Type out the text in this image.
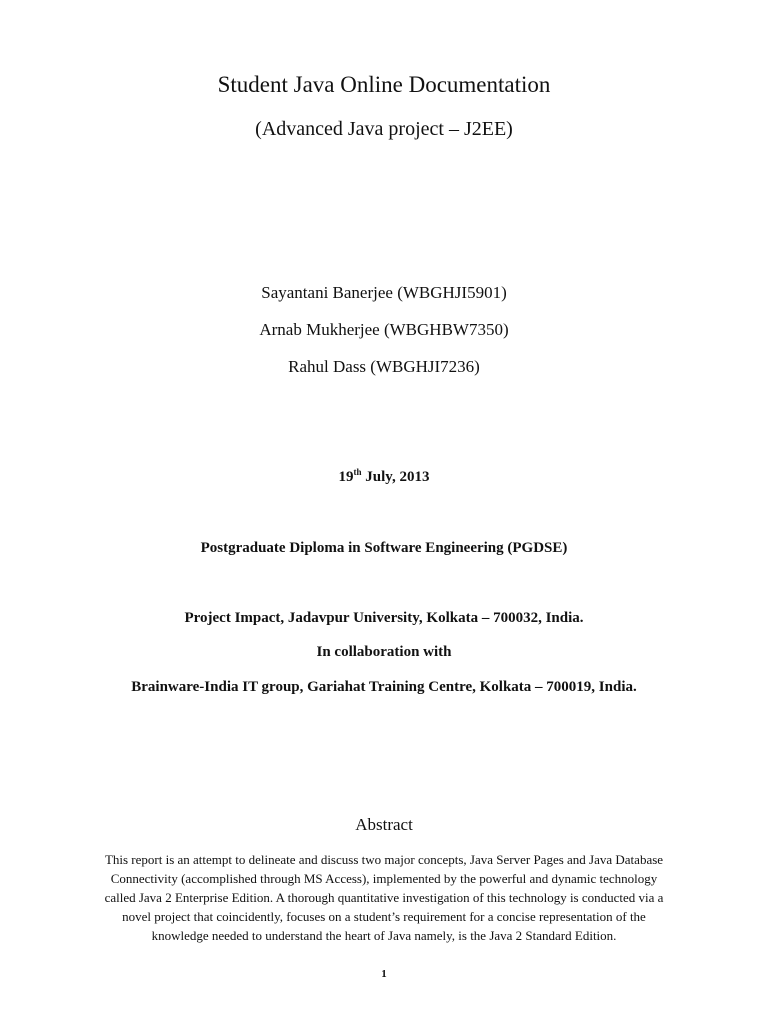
Student Java Online Documentation
(Advanced Java project – J2EE)
Sayantani Banerjee (WBGHJI5901)
Arnab Mukherjee (WBGHBW7350)
Rahul Dass (WBGHJI7236)
19th July, 2013
Postgraduate Diploma in Software Engineering (PGDSE)
Project Impact, Jadavpur University, Kolkata – 700032, India.
In collaboration with
Brainware-India IT group, Gariahat Training Centre, Kolkata – 700019, India.
Abstract
This report is an attempt to delineate and discuss two major concepts, Java Server Pages and Java Database
Connectivity (accomplished through MS Access), implemented by the powerful and dynamic technology
called Java 2 Enterprise Edition. A thorough quantitative investigation of this technology is conducted via a
novel project that coincidently, focuses on a student’s requirement for a concise representation of the
knowledge needed to understand the heart of Java namely, is the Java 2 Standard Edition.
1
